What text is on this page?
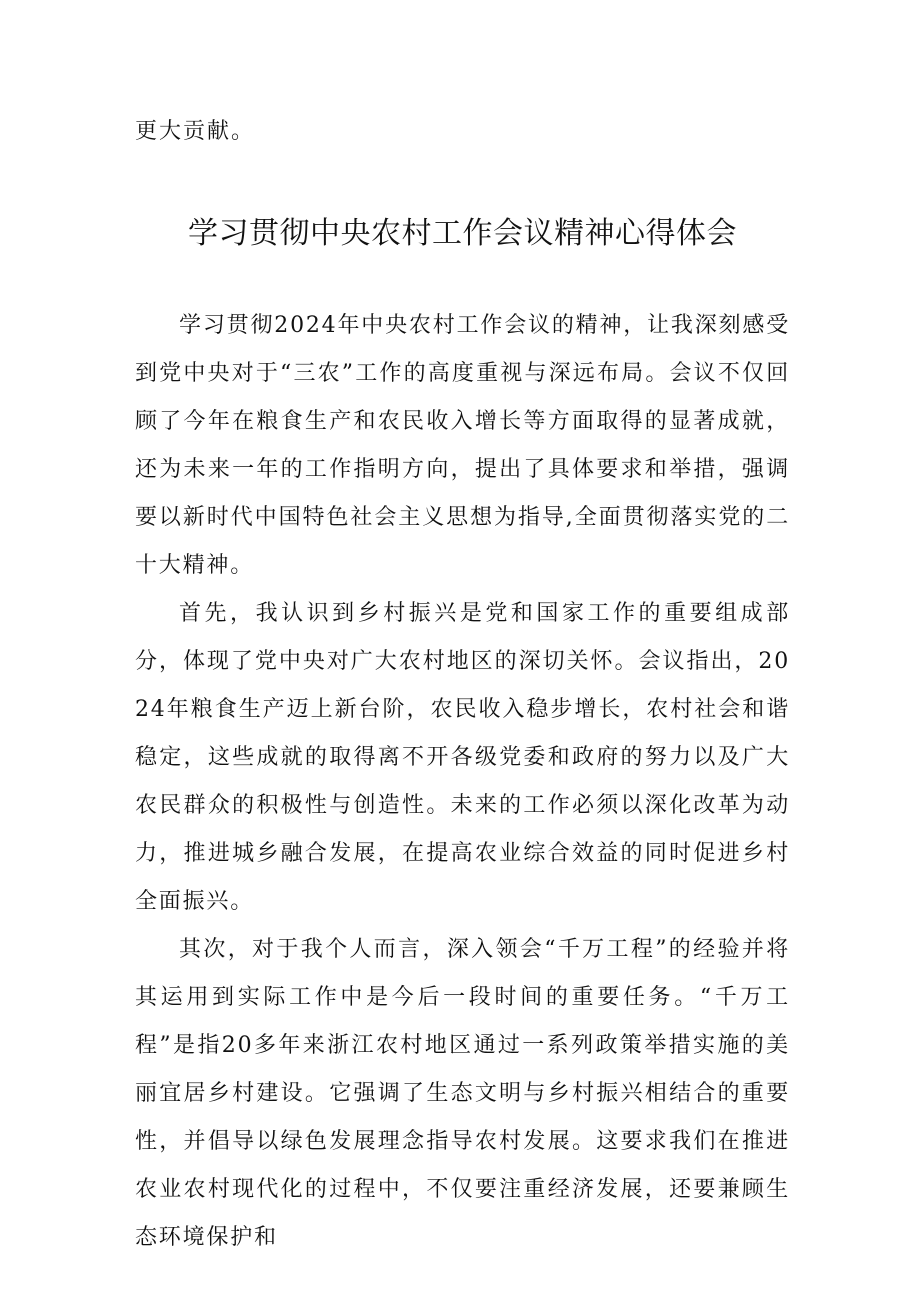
更大贡献。

学习贯彻中央农村工作会议精神心得体会

学习贯彻2024年中央农村工作会议的精神，让我深刻感受到党中央对于“三农”工作的高度重视与深远布局。会议不仅回顾了今年在粮食生产和农民收入增长等方面取得的显著成就，还为未来一年的工作指明方向，提出了具体要求和举措，强调要以新时代中国特色社会主义思想为指导,全面贯彻落实党的二十大精神。

首先，我认识到乡村振兴是党和国家工作的重要组成部分，体现了党中央对广大农村地区的深切关怀。会议指出，2024年粮食生产迈上新台阶，农民收入稳步增长，农村社会和谐稳定，这些成就的取得离不开各级党委和政府的努力以及广大农民群众的积极性与创造性。未来的工作必须以深化改革为动力，推进城乡融合发展，在提高农业综合效益的同时促进乡村全面振兴。

其次，对于我个人而言，深入领会“千万工程”的经验并将其运用到实际工作中是今后一段时间的重要任务。“千万工程”是指20多年来浙江农村地区通过一系列政策举措实施的美丽宜居乡村建设。它强调了生态文明与乡村振兴相结合的重要性，并倡导以绿色发展理念指导农村发展。这要求我们在推进农业农村现代化的过程中，不仅要注重经济发展，还要兼顾生态环境保护和
